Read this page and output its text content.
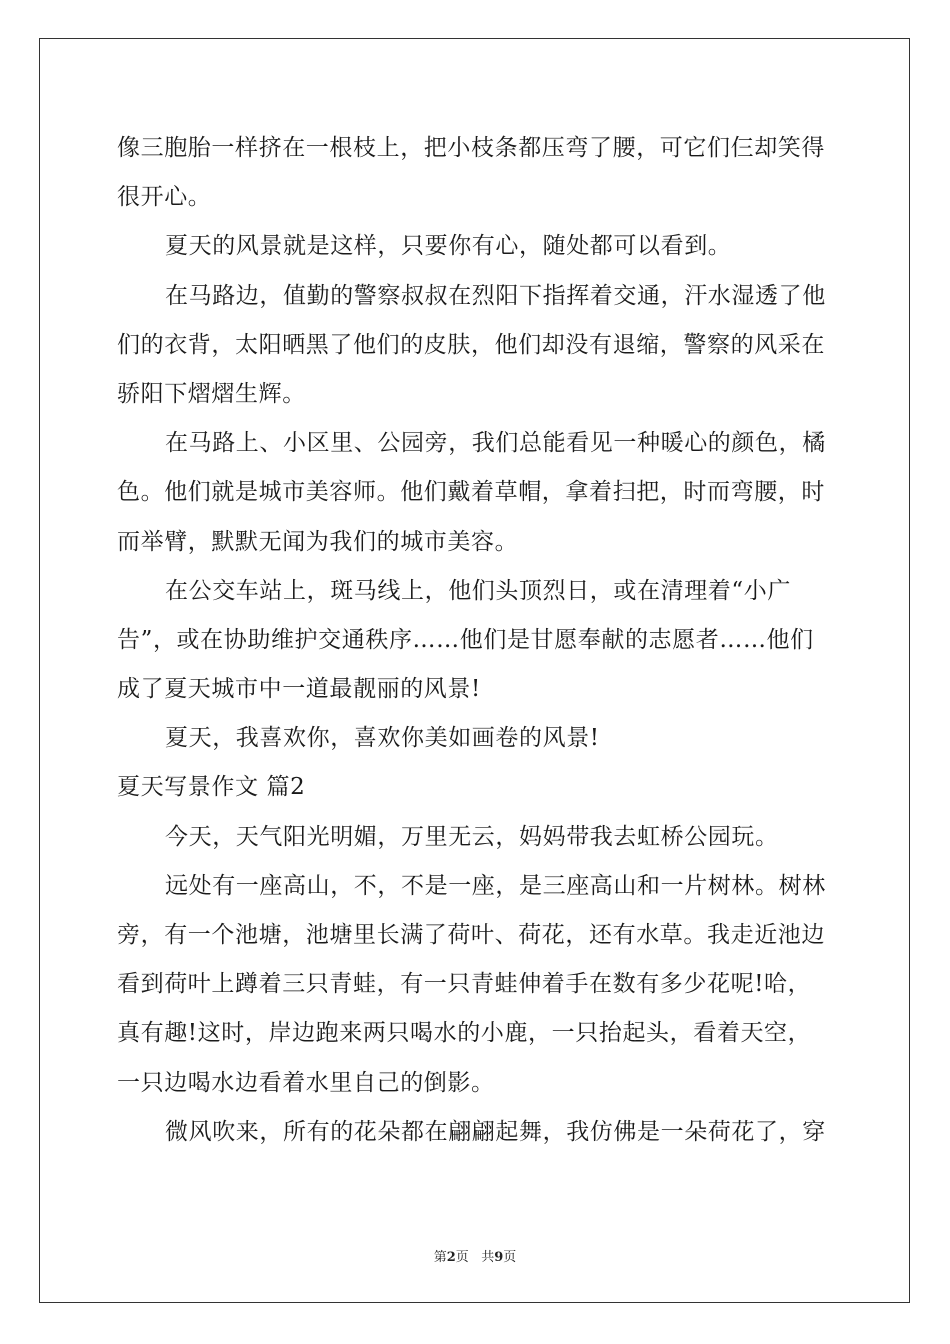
像三胞胎一样挤在一根枝上，把小枝条都压弯了腰，可它们仨却笑得
很开心。
夏天的风景就是这样，只要你有心，随处都可以看到。
在马路边，值勤的警察叔叔在烈阳下指挥着交通，汗水湿透了他
们的衣背，太阳晒黑了他们的皮肤，他们却没有退缩，警察的风采在
骄阳下熠熠生辉。
在马路上、小区里、公园旁，我们总能看见一种暖心的颜色，橘
色。他们就是城市美容师。他们戴着草帽，拿着扫把，时而弯腰，时
而举臂，默默无闻为我们的城市美容。
在公交车站上，斑马线上，他们头顶烈日，或在清理着“小广
告”，或在协助维护交通秩序……他们是甘愿奉献的志愿者……他们
成了夏天城市中一道最靓丽的风景!
夏天，我喜欢你，喜欢你美如画卷的风景!
夏天写景作文 篇2
今天，天气阳光明媚，万里无云，妈妈带我去虹桥公园玩。
远处有一座高山，不，不是一座，是三座高山和一片树林。树林
旁，有一个池塘，池塘里长满了荷叶、荷花，还有水草。我走近池边
看到荷叶上蹲着三只青蛙，有一只青蛙伸着手在数有多少花呢!哈，
真有趣!这时，岸边跑来两只喝水的小鹿，一只抬起头，看着天空，
一只边喝水边看着水里自己的倒影。
微风吹来，所有的花朵都在翩翩起舞，我仿佛是一朵荷花了，穿
第2页 共9页
